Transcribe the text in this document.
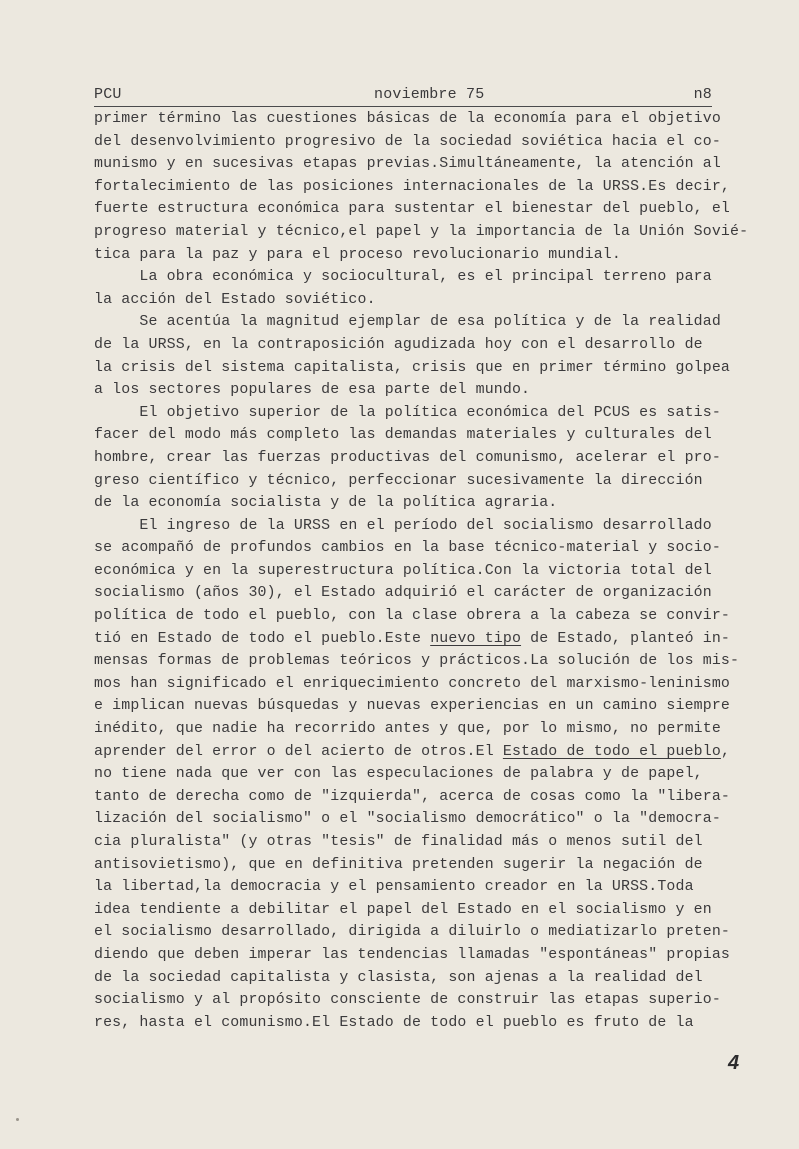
PCU	noviembre 75	n8
primer término las cuestiones básicas de la economía para el objetivo
del desenvolvimiento progresivo de la sociedad soviética hacia el co-
munismo y en sucesivas etapas previas.Simultáneamente, la atención al
fortalecimiento de las posiciones internacionales de la URSS.Es decir,
fuerte estructura económica para sustentar el bienestar del pueblo, el
progreso material y técnico,el papel y la importancia de la Unión Sovié-
tica para la paz y para el proceso revolucionario mundial.
La obra económica y sociocultural, es el principal terreno para
la acción del Estado soviético.
Se acentúa la magnitud ejemplar de esa política y de la realidad
de la URSS, en la contraposición agudizada hoy con el desarrollo de
la crisis del sistema capitalista, crisis que en primer término golpea
a los sectores populares de esa parte del mundo.
El objetivo superior de la política económica del PCUS es satis-
facer del modo más completo las demandas materiales y culturales del
hombre, crear las fuerzas productivas del comunismo, acelerar el pro-
greso científico y técnico, perfeccionar sucesivamente la dirección
de la economía socialista y de la política agraria.
El ingreso de la URSS en el período del socialismo desarrollado
se acompañó de profundos cambios en la base técnico-material y socio-
económica y en la superestructura política.Con la victoria total del
socialismo (años 30), el Estado adquirió el carácter de organización
política de todo el pueblo, con la clase obrera a la cabeza se convir-
tió en Estado de todo el pueblo.Este nuevo tipo de Estado, planteó in-
mensas formas de problemas teóricos y prácticos.La solución de los mis-
mos han significado el enriquecimiento concreto del marxismo-leninismo
e implican nuevas búsquedas y nuevas experiencias en un camino siempre
inédito, que nadie ha recorrido antes y que, por lo mismo, no permite
aprender del error o del acierto de otros.El Estado de todo el pueblo,
no tiene nada que ver con las especulaciones de palabra y de papel,
tanto de derecha como de "izquierda", acerca de cosas como la "libera-
lización del socialismo" o el "socialismo democrático" o la "democra-
cia pluralista" (y otras "tesis" de finalidad más o menos sutil del
antisovietismo), que en definitiva pretenden sugerir la negación de
la libertad,la democracia y el pensamiento creador en la URSS.Toda
idea tendiente a debilitar el papel del Estado en el socialismo y en
el socialismo desarrollado, dirigida a diluirlo o mediatizarlo preten-
diendo que deben imperar las tendencias llamadas "espontáneas" propias
de la sociedad capitalista y clasista, son ajenas a la realidad del
socialismo y al propósito consciente de construir las etapas superio-
res, hasta el comunismo.El Estado de todo el pueblo es fruto de la
4
